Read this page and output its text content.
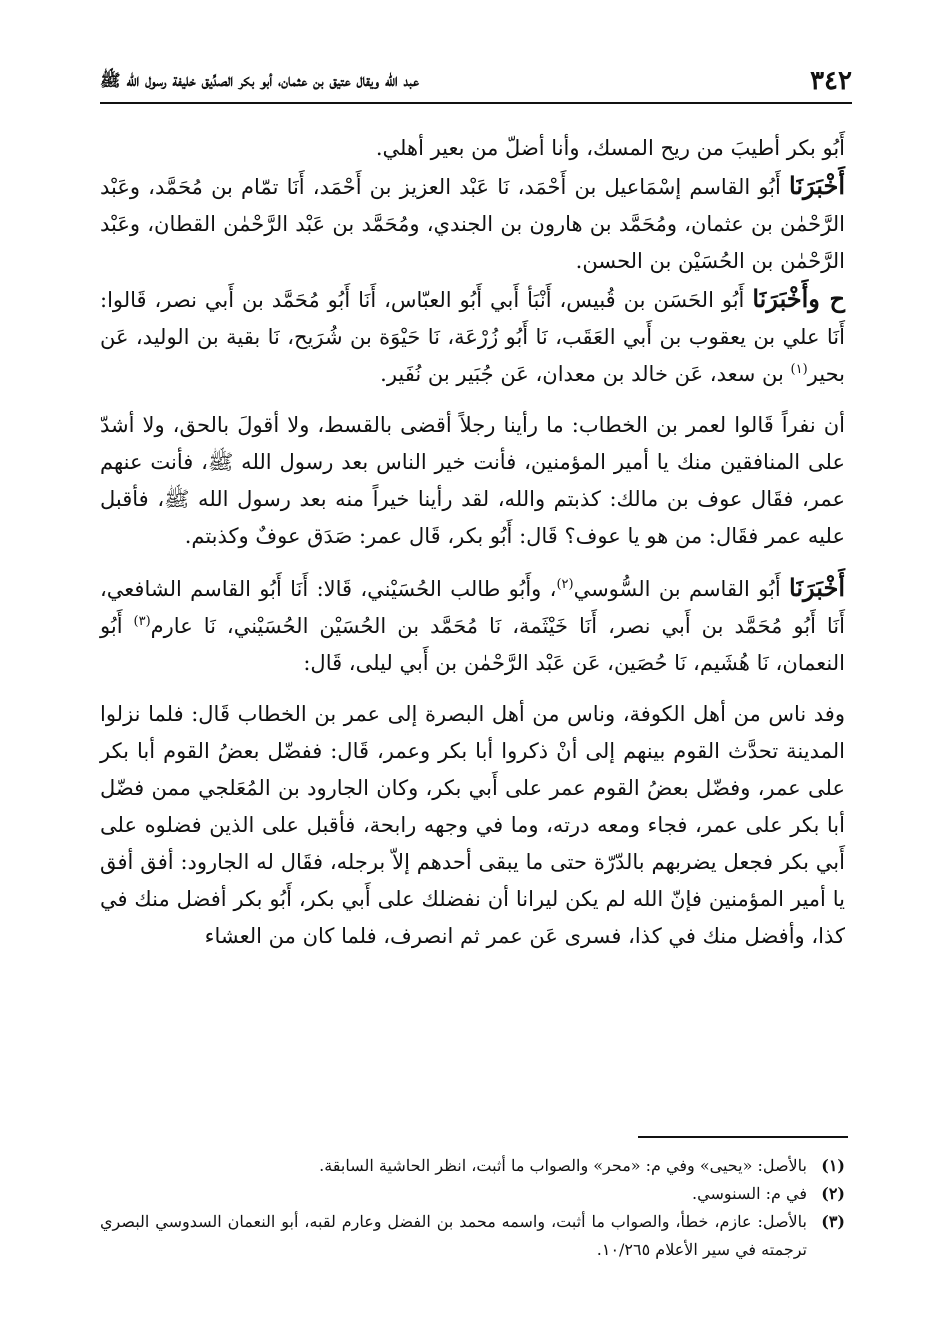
٣٤٢
عبد الله ويقال عتيق بن عثمان، أبو بكر الصدِّيق خليفة رسول الله ﷺ

أَبُو بكر أطيبَ من ريح المسك، وأنا أضلّ من بعير أهلي.

أَخْبَرَنَا أَبُو القاسم إسْمَاعيل بن أَحْمَد، نَا عَبْد العزيز بن أَحْمَد، أَنَا تمّام بن مُحَمَّد، وعَبْد الرَّحْمٰن بن عثمان، ومُحَمَّد بن هارون بن الجندي، ومُحَمَّد بن عَبْد الرَّحْمٰن القطان، وعَبْد الرَّحْمٰن بن الحُسَيْن بن الحسن.

ح وأَخْبَرَنَا أَبُو الحَسَن بن قُبيس، أَنْبَأ أَبي أَبُو العبّاس، أَنَا أَبُو مُحَمَّد بن أَبي نصر، قَالوا: أَنَا علي بن يعقوب بن أَبي العَقَب، نَا أَبُو زُرْعَة، نَا حَيْوَة بن شُرَيح، نَا بقية بن الوليد، عَن بحير$^{(١)}$ بن سعد، عَن خالد بن معدان، عَن جُبَير بن نُفَير.

أن نفراً قَالوا لعمر بن الخطاب: ما رأينا رجلاً أقضى بالقسط، ولا أقولَ بالحق، ولا أشدّ على المنافقين منك يا أمير المؤمنين، فأنت خير الناس بعد رسول الله ﷺ، فأنت عنهم عمر، فقَال عوف بن مالك: كذبتم والله، لقد رأينا خيراً منه بعد رسول الله ﷺ، فأقبل عليه عمر فقَال: من هو يا عوف؟ قَال: أَبُو بكر، قَال عمر: صَدَق عوفٌ وكذبتم.

أَخْبَرَنَا أَبُو القاسم بن السُّوسي$^{(٢)}$، وأَبُو طالب الحُسَيْني، قَالا: أَنَا أَبُو القاسم الشافعي، أَنَا أَبُو مُحَمَّد بن أَبي نصر، أَنَا خَيْثَمة، نَا مُحَمَّد بن الحُسَيْن الحُسَيْني، نَا عارم$^{(٣)}$ أَبُو النعمان، نَا هُشَيم، نَا حُصَين، عَن عَبْد الرَّحْمٰن بن أَبي ليلى، قَال:

وفد ناس من أهل الكوفة، وناس من أهل البصرة إلى عمر بن الخطاب قَال: فلما نزلوا المدينة تحدَّث القوم بينهم إلى أنْ ذكروا أبا بكر وعمر، قَال: ففضّل بعضُ القوم أبا بكر على عمر، وفضّل بعضُ القوم عمر على أَبي بكر، وكان الجارود بن المُعَلجي ممن فضّل أبا بكر على عمر، فجاء ومعه درته، وما في وجهه رابحة، فأقبل على الذين فضلوه على أَبي بكر فجعل يضربهم بالدّرّة حتى ما يبقى أحدهم إلاّ برجله، فقَال له الجارود: أفق أفق يا أمير المؤمنين فإنّ الله لم يكن ليرانا أن نفضلك على أَبي بكر، أَبُو بكر أفضل منك في كذا، وأفضل منك في كذا، فسرى عَن عمر ثم انصرف، فلما كان من العشاء

(١)
بالأصل: «يحيى» وفي م: «محر» والصواب ما أثبت، انظر الحاشية السابقة.
(٢)
في م: السنوسي.
(٣)
بالأصل: عازم، خطأ، والصواب ما أثبت، واسمه محمد بن الفضل وعارم لقبه، أبو النعمان السدوسي البصري ترجمته في سير الأعلام ١٠/٢٦٥.
